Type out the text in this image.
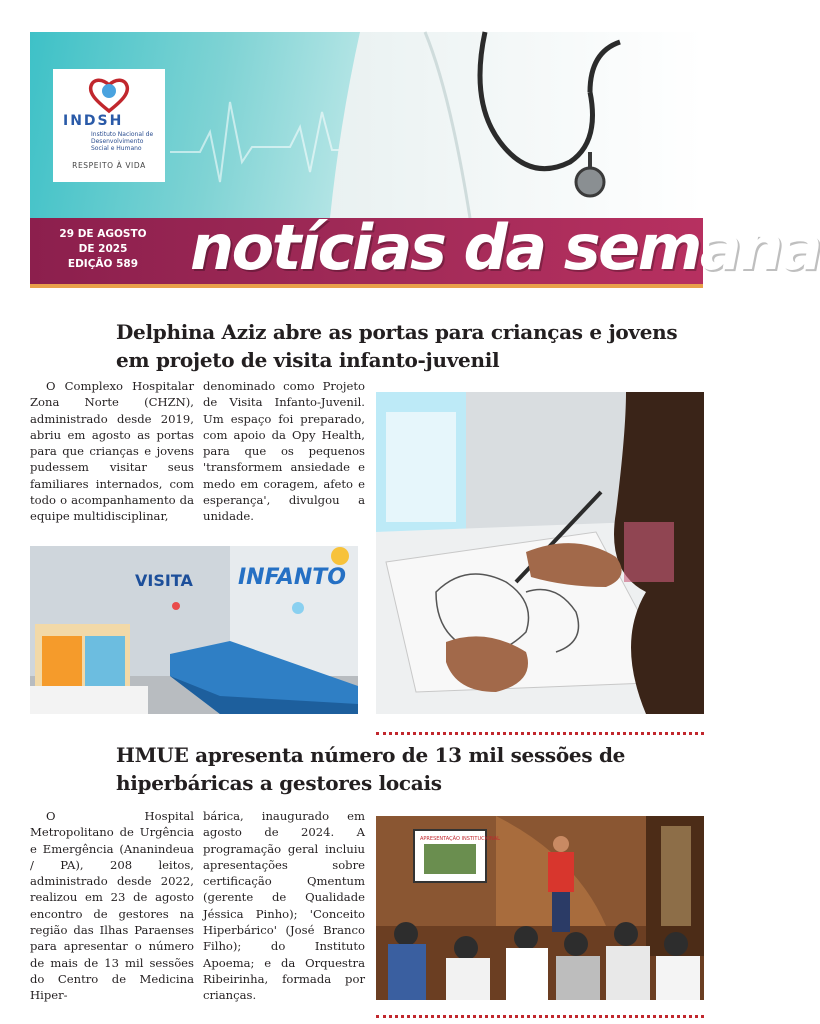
INDSH
Instituto Nacional de Desenvolvimento Social e Humano
RESPEITO À VIDA
29 DE AGOSTO
DE 2025
EDIÇÃO 589 notícias da semana
Delphina Aziz abre as portas para crianças e jovens em projeto de visita infanto-juvenil

O Complexo Hospitalar Zona Norte (CHZN), administrado desde 2019, abriu em agosto as portas para que crianças e jovens pudessem visitar seus familiares internados, com todo o acompanhamento da equipe multidisciplinar,

denominado como Projeto de Visita Infanto-Juvenil. Um espaço foi preparado, com apoio da Opy Health, para que os pequenos 'transformem ansiedade e medo em coragem, afeto e esperança', divulgou a unidade.

VISITA INFANTO
HMUE apresenta número de 13 mil sessões de hiperbáricas a gestores locais

O Hospital Metropolitano de Urgência e Emergência (Ananindeua / PA), 208 leitos, administrado desde 2022, realizou em 23 de agosto encontro de gestores na região das Ilhas Paraenses para apresentar o número de mais de 13 mil sessões do Centro de Medicina Hiper-

bárica, inaugurado em agosto de 2024. A programação geral incluiu apresentações sobre certificação Qmentum (gerente de Qualidade Jéssica Pinho); 'Conceito Hiperbárico' (José Branco Filho); do Instituto Apoema; e da Orquestra Ribeirinha, formada por crianças.

APRESENTAÇÃO INSTITUCIONAL
